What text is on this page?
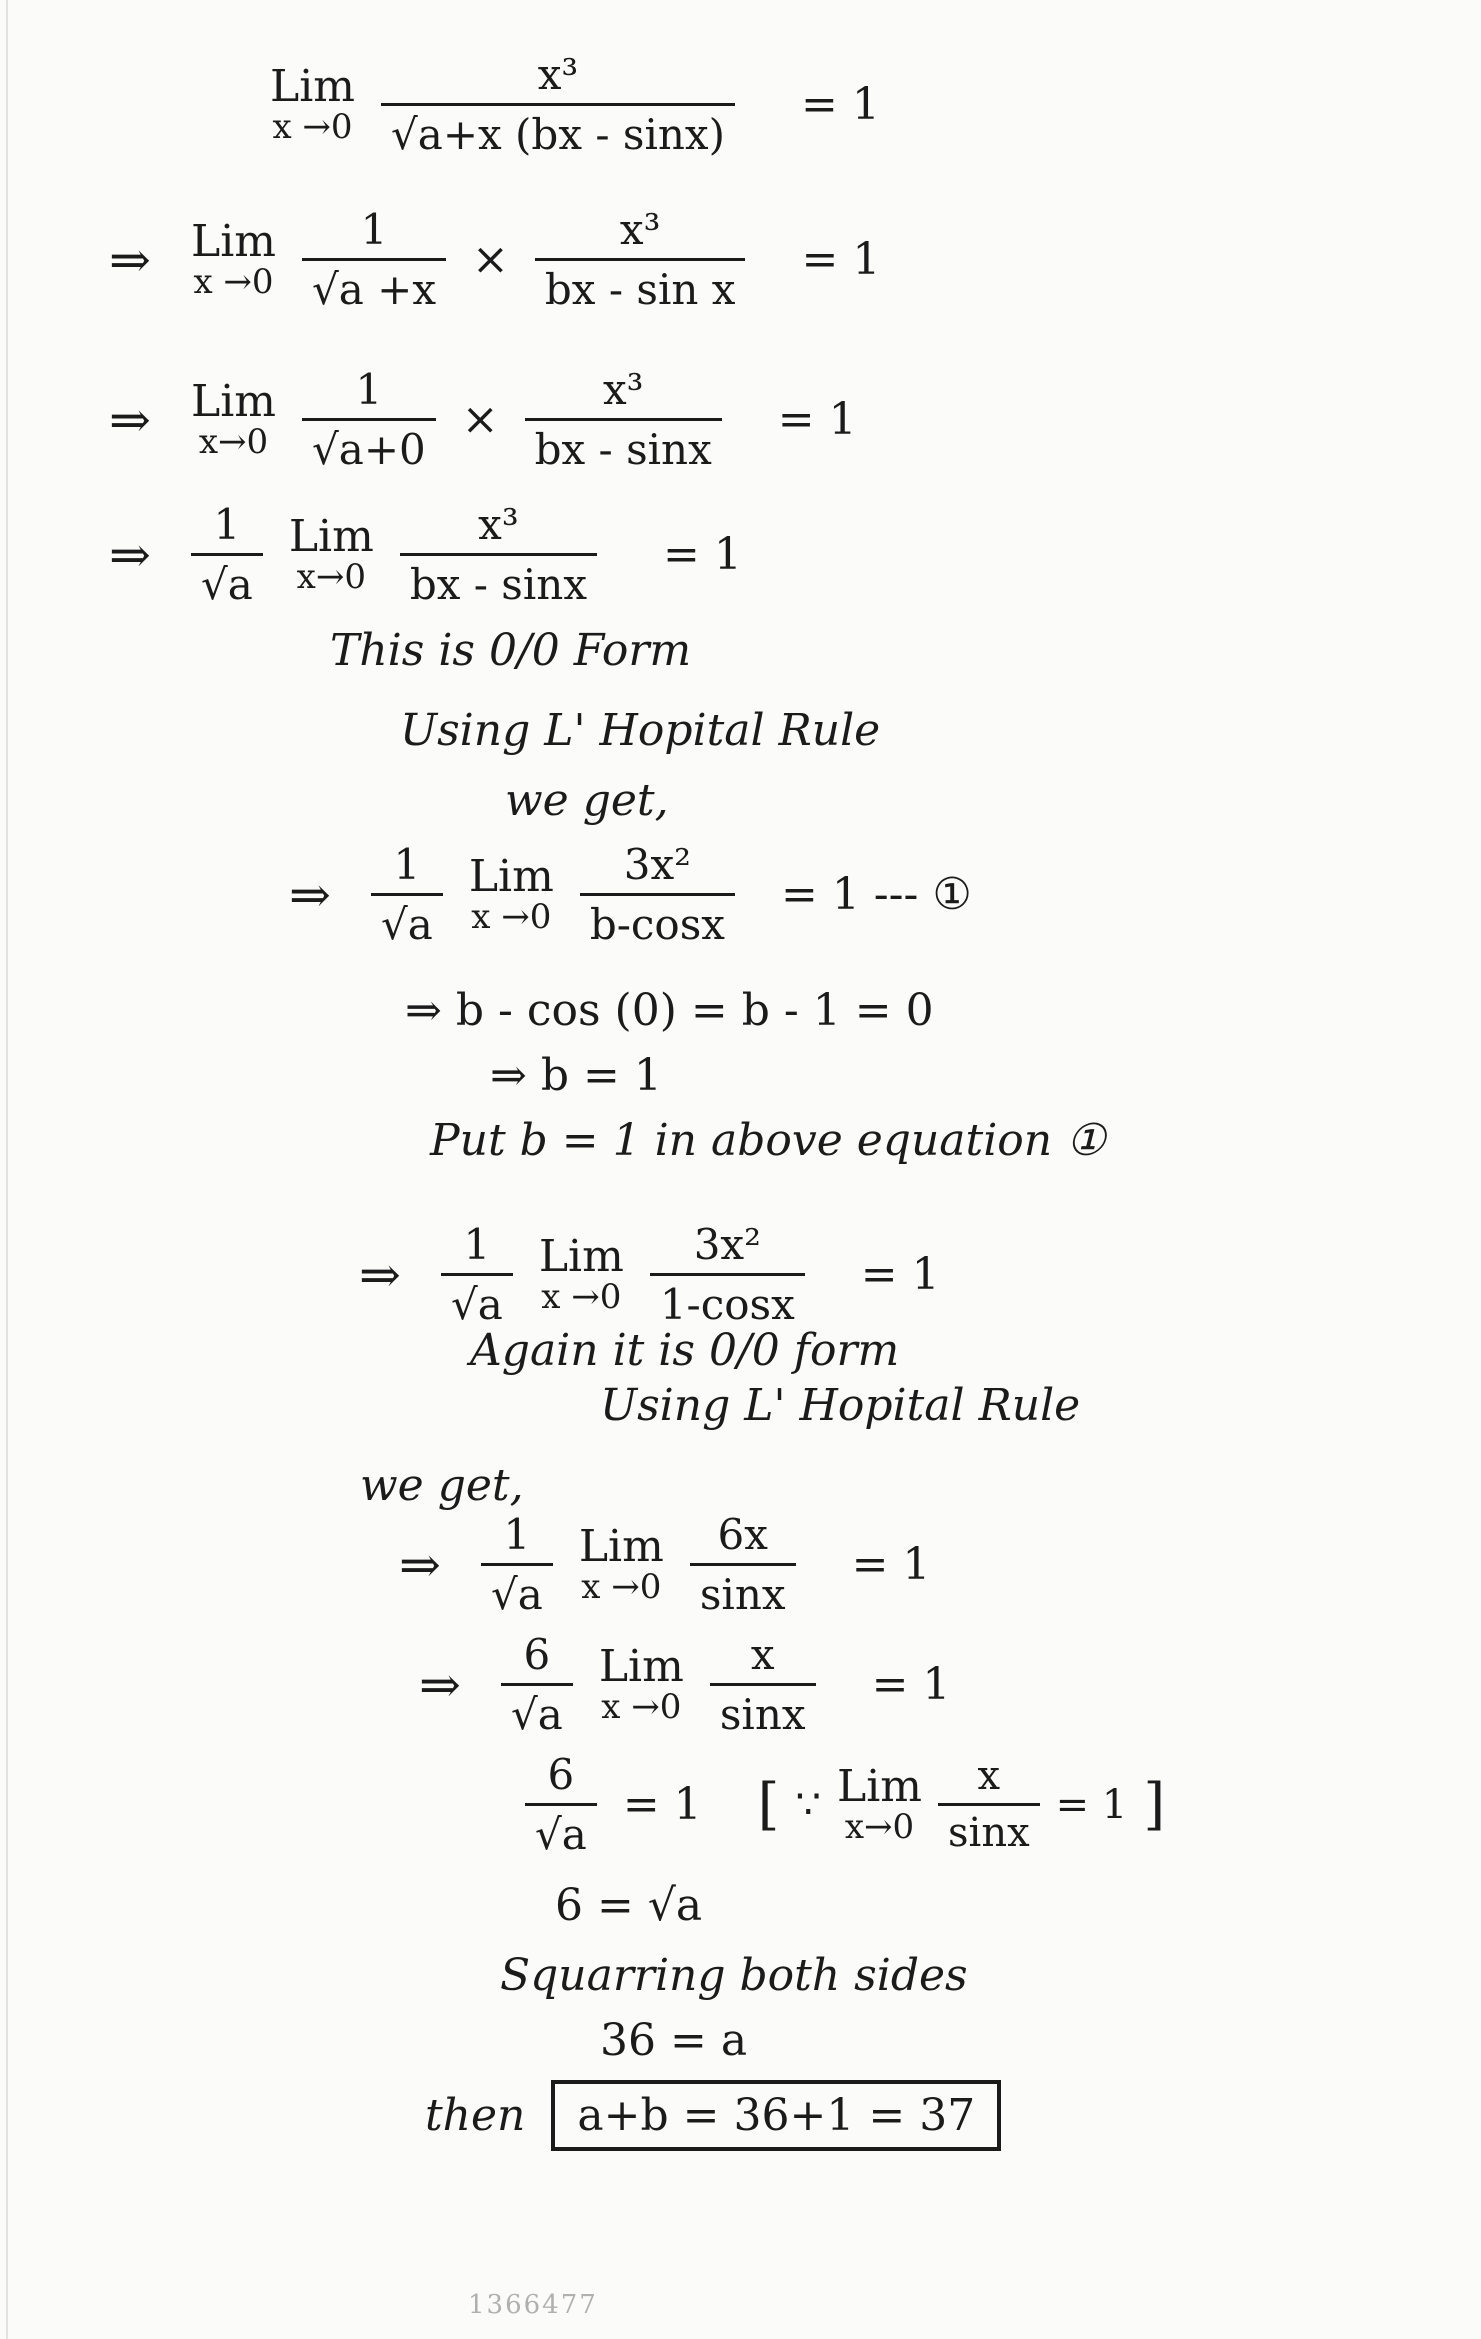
Lim
$x \to 0 \frac{\text{x³}}{√a+x (bx - \sin x)} = 1$
⇒ Lim
$x \to 0 \frac{1}{√a +x} \times \frac{\text{x³}}{\text{bx - sin x}} = 1$
⇒ Lim
$x\to 0 \frac{1}{√a+0} \times \frac{\text{x³}}{bx - \sin x} = 1$
⇒ $\frac{1}{√a}$ Lim
$x\to 0 \frac{\text{x³}}{bx - \sin x} = 1$
This is 0/0 Form
Using L' Hopital Rule
we get,
⇒ $\frac{1}{√a}$ Lim
$x \to 0 \frac{\text{3x²}}{b-\cos x} = 1$ --- ①
⇒ b - cos (0) = b - 1 = 0
⇒ b = 1
Put b = 1 in above equation ①
⇒ $\frac{1}{√a}$ Lim
$x \to 0 \frac{\text{3x²}}{1-\cos x} = 1$
Again it is 0/0 form
Using L' Hopital Rule
we get,
⇒ $\frac{1}{√a}$ Lim
$x \to 0 \frac{6x}{\sin x} = 1$
⇒ $\frac{6}{√a}$ Lim
$x \to 0 \frac{x}{\sin x} = 1$
$\frac{6}{√a} = 1$ [ ∵ Lim
$x\to 0 \frac{x}{\sin x} = 1$ ]
6 = √a
Squarring both sides
36 = a
then	a+b = 36+1 = 37
1366477
